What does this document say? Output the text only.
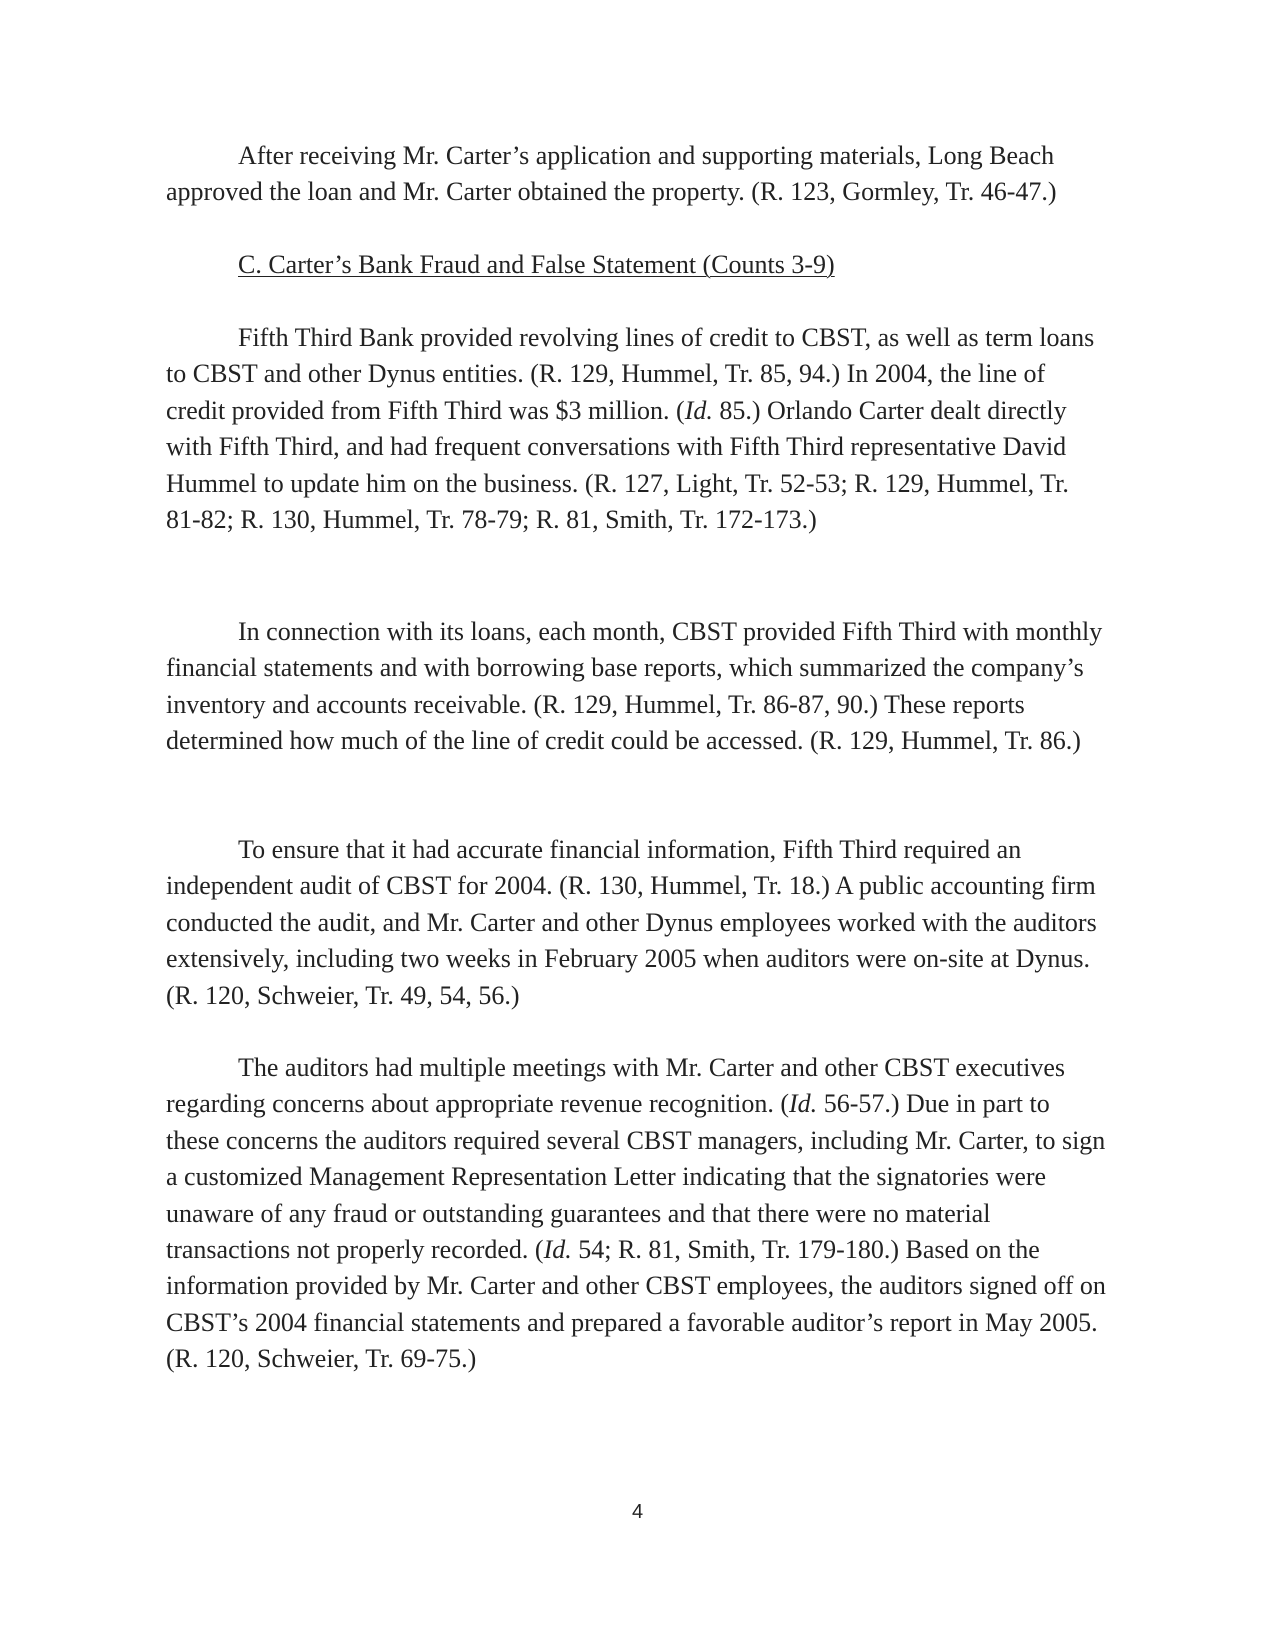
After receiving Mr. Carter’s application and supporting materials, Long Beach approved the loan and Mr. Carter obtained the property. (R. 123, Gormley, Tr. 46-47.)

C. Carter’s Bank Fraud and False Statement (Counts 3-9)

Fifth Third Bank provided revolving lines of credit to CBST, as well as term loans to CBST and other Dynus entities. (R. 129, Hummel, Tr. 85, 94.) In 2004, the line of credit provided from Fifth Third was $3 million. (Id. 85.) Orlando Carter dealt directly with Fifth Third, and had frequent conversations with Fifth Third representative David Hummel to update him on the business. (R. 127, Light, Tr. 52-53; R. 129, Hummel, Tr. 81-82; R. 130, Hummel, Tr. 78-79; R. 81, Smith, Tr. 172-173.)

In connection with its loans, each month, CBST provided Fifth Third with monthly financial statements and with borrowing base reports, which summarized the company’s inventory and accounts receivable. (R. 129, Hummel, Tr. 86-87, 90.) These reports determined how much of the line of credit could be accessed. (R. 129, Hummel, Tr. 86.)

To ensure that it had accurate financial information, Fifth Third required an independent audit of CBST for 2004. (R. 130, Hummel, Tr. 18.) A public accounting firm conducted the audit, and Mr. Carter and other Dynus employees worked with the auditors extensively, including two weeks in February 2005 when auditors were on-site at Dynus. (R. 120, Schweier, Tr. 49, 54, 56.)

The auditors had multiple meetings with Mr. Carter and other CBST executives regarding concerns about appropriate revenue recognition. (Id. 56-57.) Due in part to these concerns the auditors required several CBST managers, including Mr. Carter, to sign a customized Management Representation Letter indicating that the signatories were unaware of any fraud or outstanding guarantees and that there were no material transactions not properly recorded. (Id. 54; R. 81, Smith, Tr. 179-180.) Based on the information provided by Mr. Carter and other CBST employees, the auditors signed off on CBST’s 2004 financial statements and prepared a favorable auditor’s report in May 2005. (R. 120, Schweier, Tr. 69-75.)

4
